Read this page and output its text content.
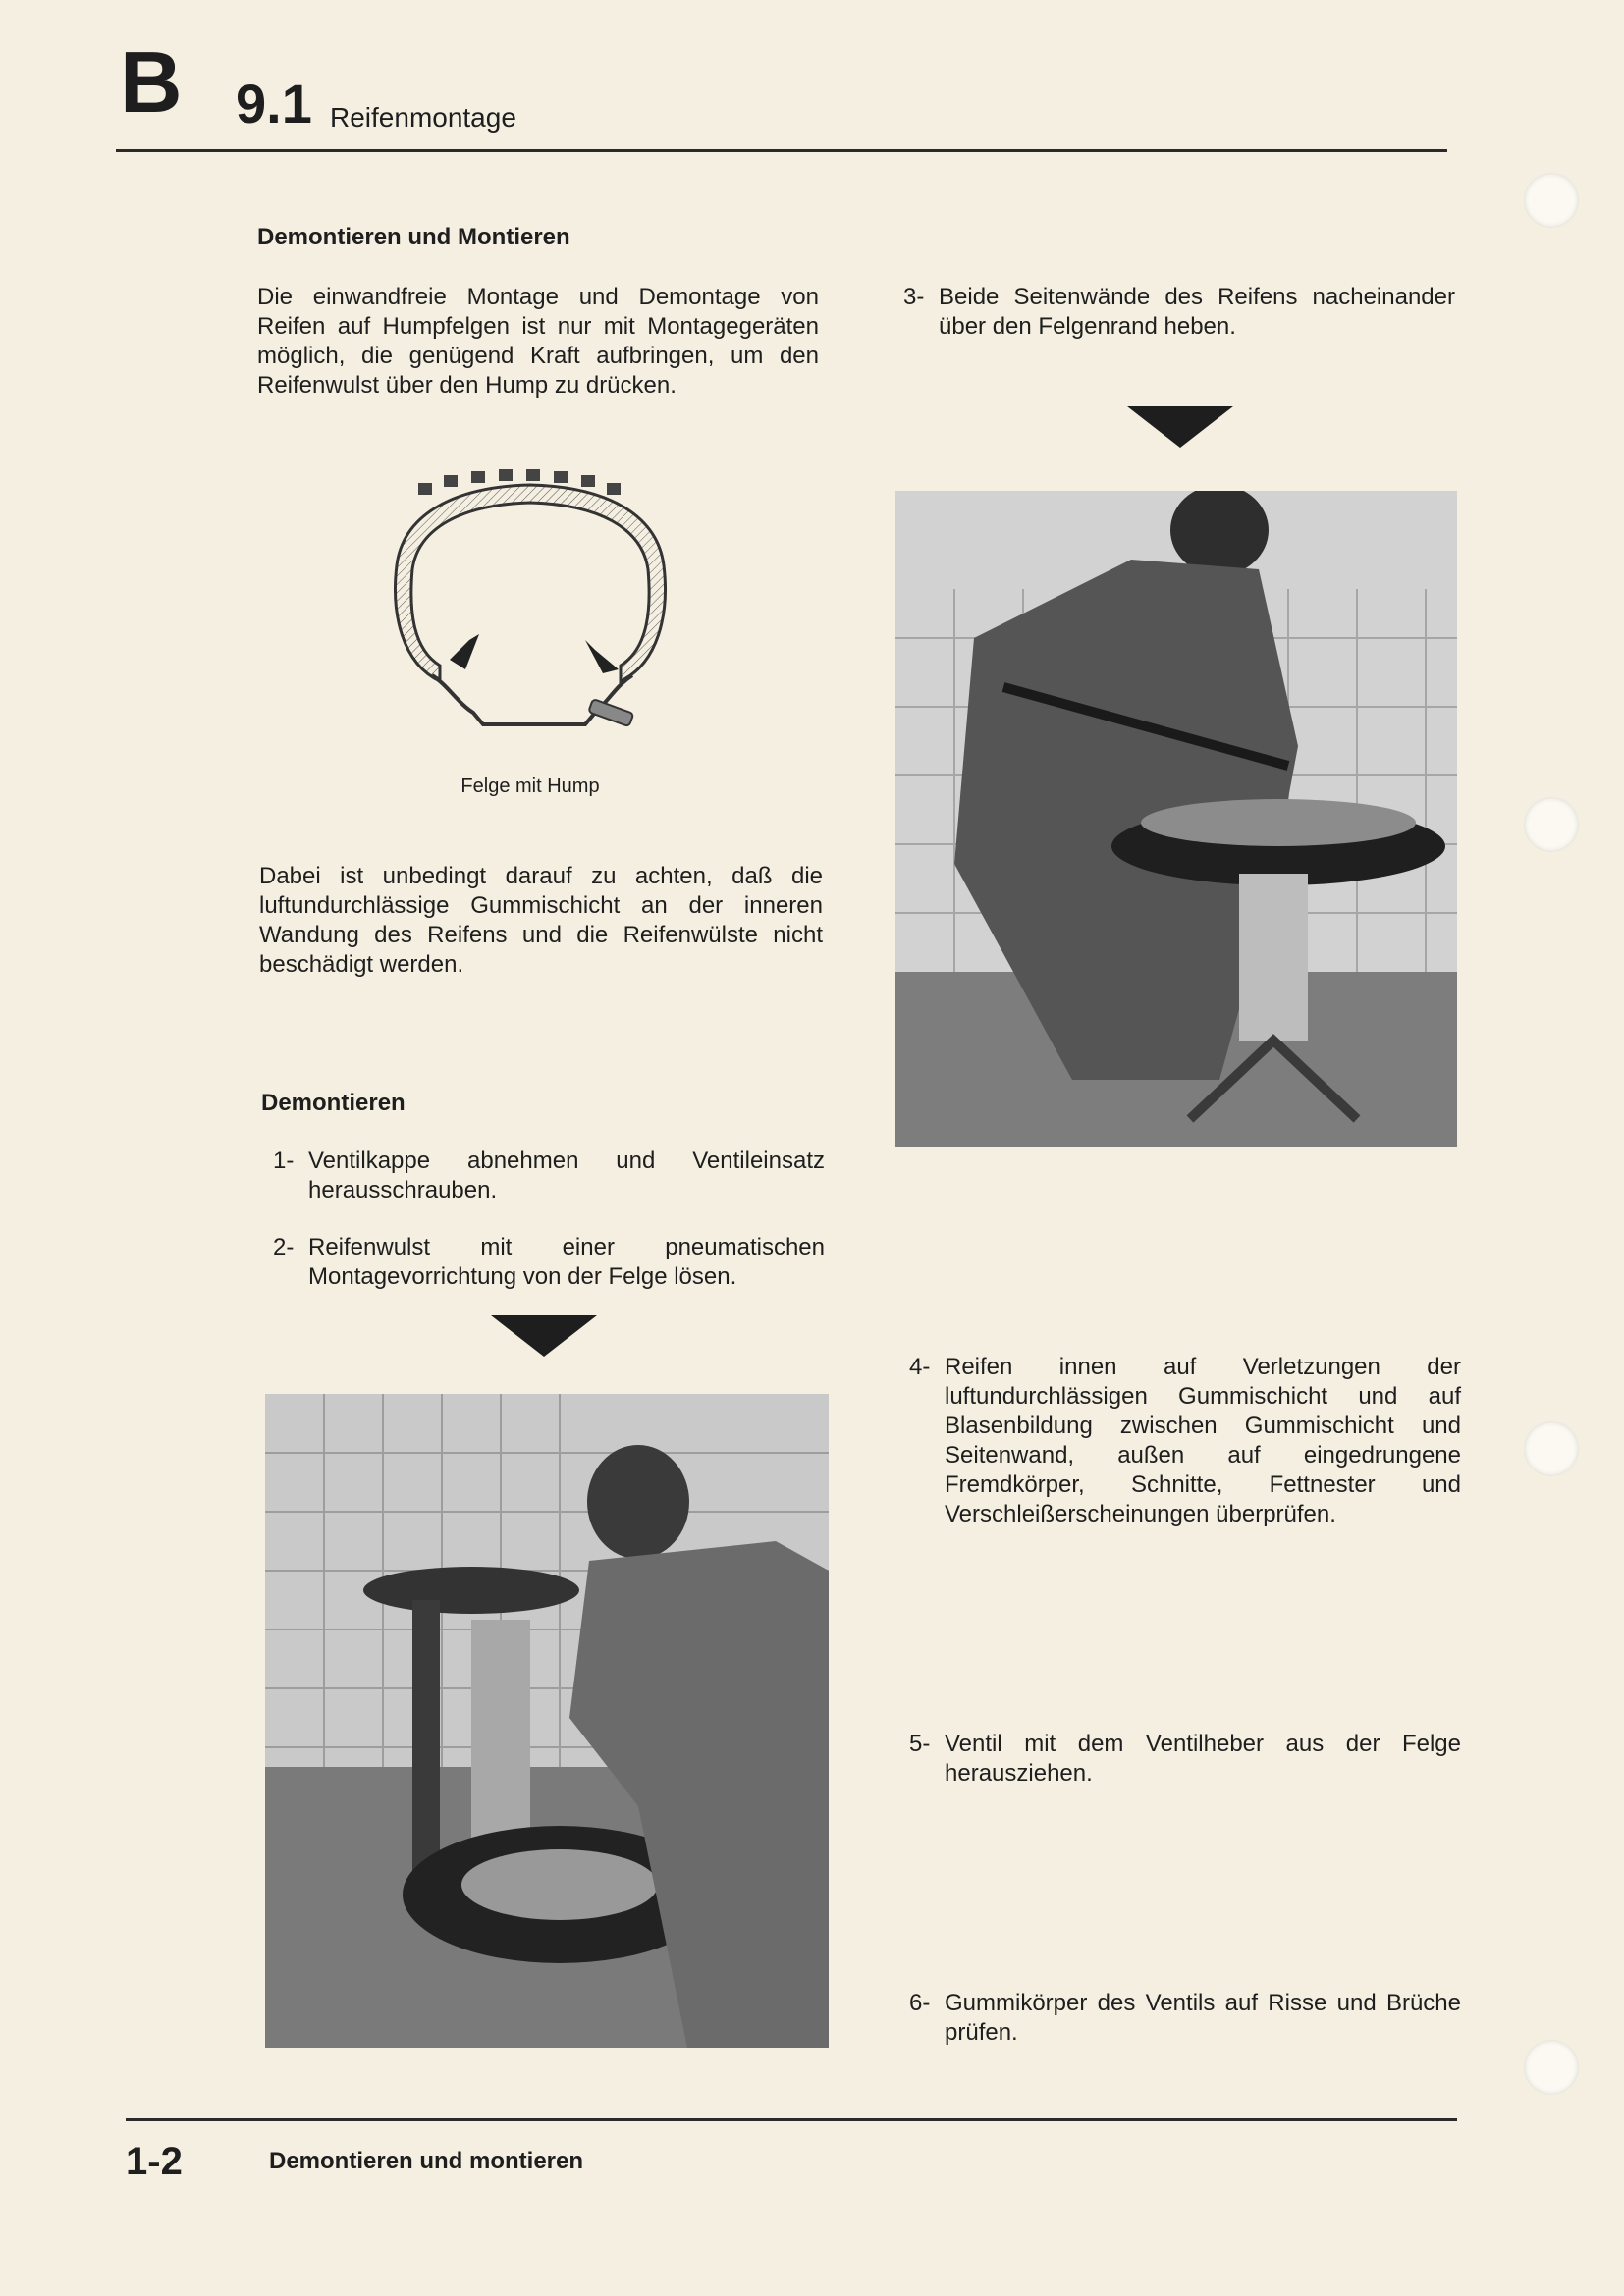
B 9.1 Reifenmontage
Demontieren und Montieren
Die einwandfreie Montage und Demontage von Reifen auf Humpfelgen ist nur mit Montagegeräten möglich, die genügend Kraft aufbringen, um den Reifenwulst über den Hump zu drücken.
Felge mit Hump
Dabei ist unbedingt darauf zu achten, daß die luftundurchlässige Gummischicht an der inneren Wandung des Reifens und die Reifenwülste nicht beschädigt werden.
Demontieren
1- Ventilkappe abnehmen und Ventileinsatz herausschrauben.
2- Reifenwulst mit einer pneumatischen Montagevorrichtung von der Felge lösen.
3- Beide Seitenwände des Reifens nacheinander über den Felgenrand heben.
4- Reifen innen auf Verletzungen der luftundurchlässigen Gummischicht und auf Blasenbildung zwischen Gummischicht und Seitenwand, außen auf eingedrungene Fremdkörper, Schnitte, Fettnester und Verschleißerscheinungen überprüfen.
5- Ventil mit dem Ventilheber aus der Felge herausziehen.
6- Gummikörper des Ventils auf Risse und Brüche prüfen.
1-2	Demontieren und montieren
